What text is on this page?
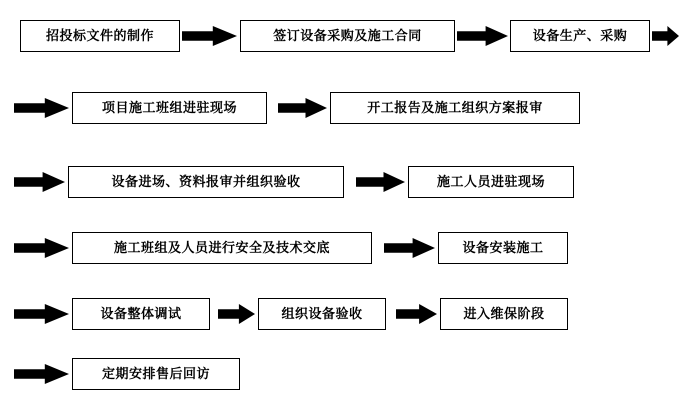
招投标文件的制作	签订设备采购及施工合同	设备生产、采购
项目施工班组进驻现场	开工报告及施工组织方案报审
设备进场、资料报审并组织验收	施工人员进驻现场
施工班组及人员进行安全及技术交底	设备安装施工
设备整体调试	组织设备验收	进入维保阶段
定期安排售后回访
